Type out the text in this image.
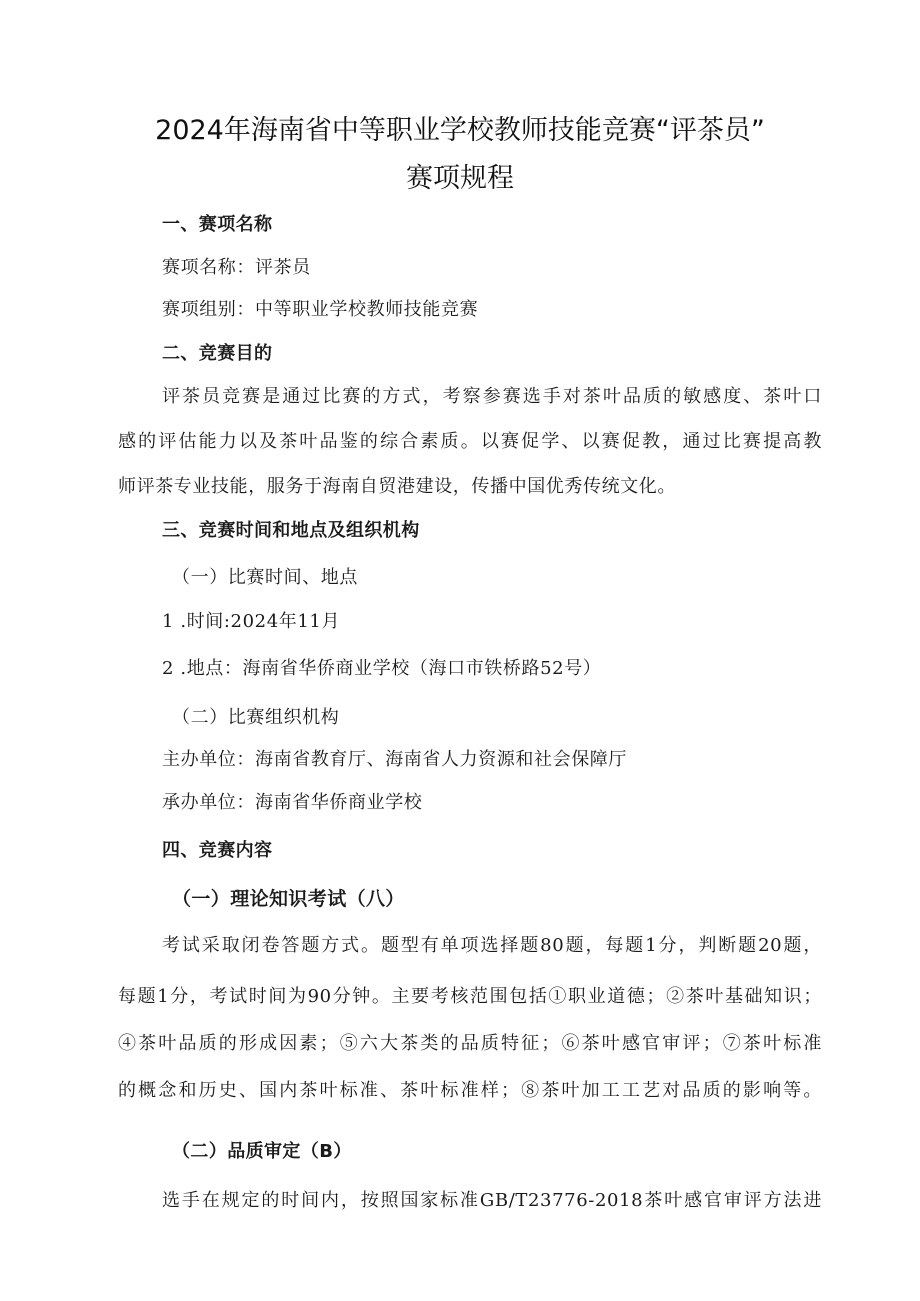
2024年海南省中等职业学校教师技能竞赛“评茶员”
赛项规程
一、赛项名称
赛项名称：评茶员
赛项组别：中等职业学校教师技能竞赛
二、竞赛目的
评茶员竞赛是通过比赛的方式，考察参赛选手对茶叶品质的敏感度、茶叶口
感的评估能力以及茶叶品鉴的综合素质。以赛促学、以赛促教，通过比赛提高教
师评茶专业技能，服务于海南自贸港建设，传播中国优秀传统文化。
三、竞赛时间和地点及组织机构
（一）比赛时间、地点
1 .时间:2024年11月
2 .地点：海南省华侨商业学校（海口市铁桥路52号）
（二）比赛组织机构
主办单位：海南省教育厅、海南省人力资源和社会保障厅
承办单位：海南省华侨商业学校
四、竞赛内容
（一）理论知识考试（八）
考试采取闭卷答题方式。题型有单项选择题80题，每题1分，判断题20题，
每题1分，考试时间为90分钟。主要考核范围包括①职业道德；②茶叶基础知识；
④茶叶品质的形成因素；⑤六大茶类的品质特征；⑥茶叶感官审评；⑦茶叶标准
的概念和历史、国内茶叶标准、茶叶标准样；⑧茶叶加工工艺对品质的影响等。
（二）品质审定（B）
选手在规定的时间内，按照国家标准GB/T23776-2018茶叶感官审评方法进
